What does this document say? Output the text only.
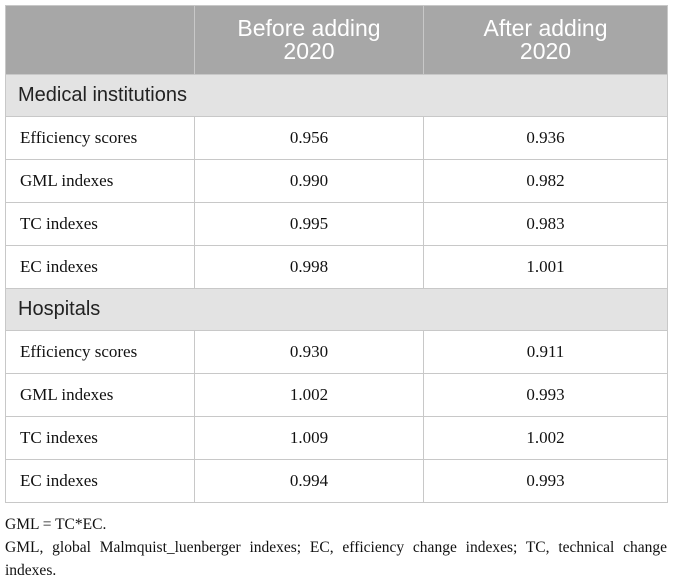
	Before adding 2020	After adding 2020
Medical institutions		
Efficiency scores	0.956	0.936
GML indexes	0.990	0.982
TC indexes	0.995	0.983
EC indexes	0.998	1.001
Hospitals		
Efficiency scores	0.930	0.911
GML indexes	1.002	0.993
TC indexes	1.009	1.002
EC indexes	0.994	0.993
GML = TC*EC.
GML, global Malmquist_luenberger indexes; EC, efficiency change indexes; TC, technical change indexes.
